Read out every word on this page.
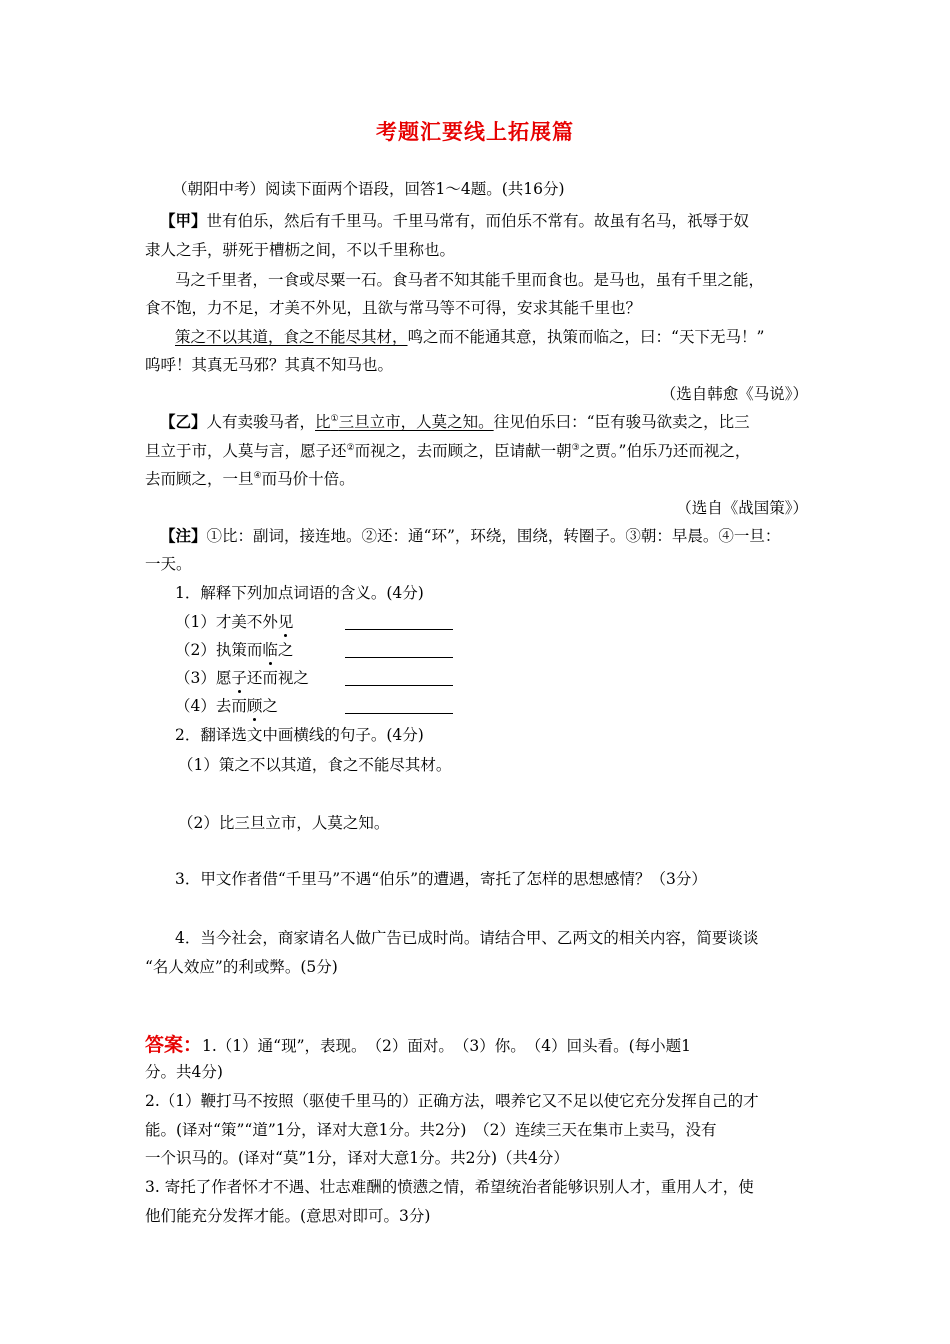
考题汇要线上拓展篇
（朝阳中考）阅读下面两个语段，回答1～4题。(共16分)
【甲】世有伯乐，然后有千里马。千里马常有，而伯乐不常有。故虽有名马，祇辱于奴
隶人之手，骈死于槽枥之间，不以千里称也。
马之千里者，一食或尽粟一石。食马者不知其能千里而食也。是马也，虽有千里之能，
食不饱，力不足，才美不外见，且欲与常马等不可得，安求其能千里也？
策之不以其道，食之不能尽其材，鸣之而不能通其意，执策而临之，曰：“天下无马！”
呜呼！其真无马邪？其真不知马也。
（选自韩愈《马说》）
【乙】人有卖骏马者，比①三旦立市，人莫之知。往见伯乐曰：“臣有骏马欲卖之，比三
旦立于市，人莫与言，愿子还②而视之，去而顾之，臣请献一朝③之贾。”伯乐乃还而视之，
去而顾之，一旦④而马价十倍。
（选自《战国策》）
【注】①比：副词，接连地。②还：通“环”，环绕，围绕，转圈子。③朝：早晨。④一旦：
一天。
1．解释下列加点词语的含义。(4分)
（1）才美不外见
（2）执策而临之
（3）愿子还而视之
（4）去而顾之
2．翻译选文中画横线的句子。(4分)
（1）策之不以其道，食之不能尽其材。
（2）比三旦立市，人莫之知。
3．甲文作者借“千里马”不遇“伯乐”的遭遇，寄托了怎样的思想感情？（3分）
4．当今社会，商家请名人做广告已成时尚。请结合甲、乙两文的相关内容，简要谈谈
“名人效应”的利或弊。(5分)
答案：1.（1）通“现”，表现。　（2）面对。　（3）你。　（4）回头看。(每小题1
分。共4分)
2.（1）鞭打马不按照（驱使千里马的）正确方法，喂养它又不足以使它充分发挥自己的才
能。(译对“策”“道”1分，译对大意1分。共2分)　（2）连续三天在集市上卖马，没有
一个识马的。(译对“莫”1分，译对大意1分。共2分)（共4分）
3. 寄托了作者怀才不遇、壮志难酬的愤懑之情，希望统治者能够识别人才，重用人才，使
他们能充分发挥才能。(意思对即可。3分)
